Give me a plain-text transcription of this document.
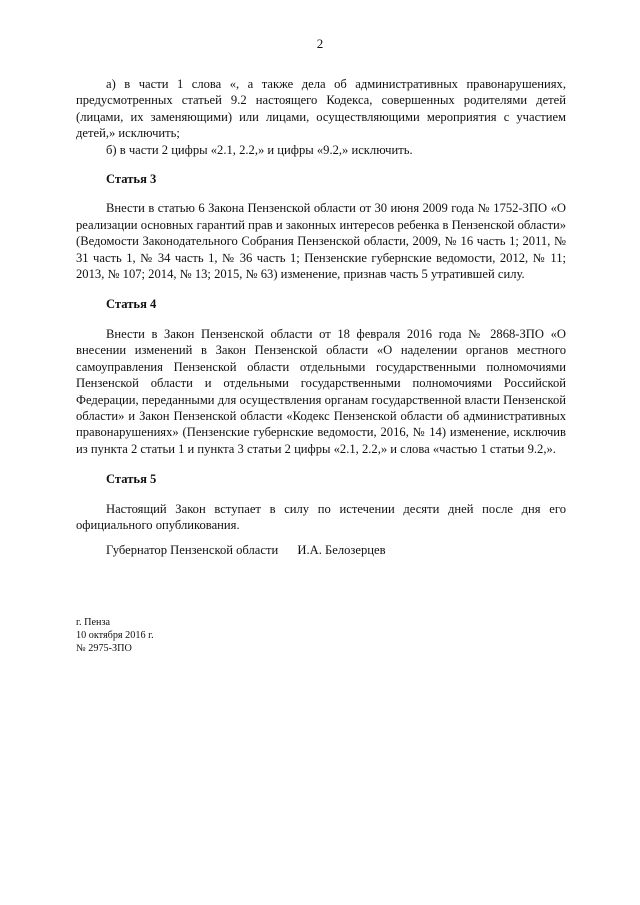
2

а) в части 1 слова «, а также дела об административных правонарушениях, предусмотренных статьей 9.2 настоящего Кодекса, совершенных родителями детей (лицами, их заменяющими) или лицами, осуществляющими мероприятия с участием детей,» исключить;

б) в части 2 цифры «2.1, 2.2,» и цифры «9.2,» исключить.

Статья 3

Внести в статью 6 Закона Пензенской области от 30 июня 2009 года № 1752-ЗПО «О реализации основных гарантий прав и законных интересов ребенка в Пензенской области» (Ведомости Законодательного Собрания Пензенской области, 2009, № 16 часть 1; 2011, № 31 часть 1, № 34 часть 1, № 36 часть 1; Пензенские губернские ведомости, 2012, № 11; 2013, № 107; 2014, № 13; 2015, № 63) изменение, признав часть 5 утратившей силу.

Статья 4

Внести в Закон Пензенской области от 18 февраля 2016 года № 2868-ЗПО «О внесении изменений в Закон Пензенской области «О наделении органов местного самоуправления Пензенской области отдельными государственными полномочиями Пензенской области и отдельными государственными полномочиями Российской Федерации, переданными для осуществления органам государственной власти Пензенской области» и Закон Пензенской области «Кодекс Пензенской области об административных правонарушениях» (Пензенские губернские ведомости, 2016, № 14) изменение, исключив из пункта 2 статьи 1 и пункта 3 статьи 2 цифры «2.1, 2.2,» и слова «частью 1 статьи 9.2,».

Статья 5

Настоящий Закон вступает в силу по истечении десяти дней после дня его официального опубликования.

Губернатор Пензенской области И.А. Белозерцев
г. Пенза
10 октября 2016 г.
№ 2975-ЗПО
